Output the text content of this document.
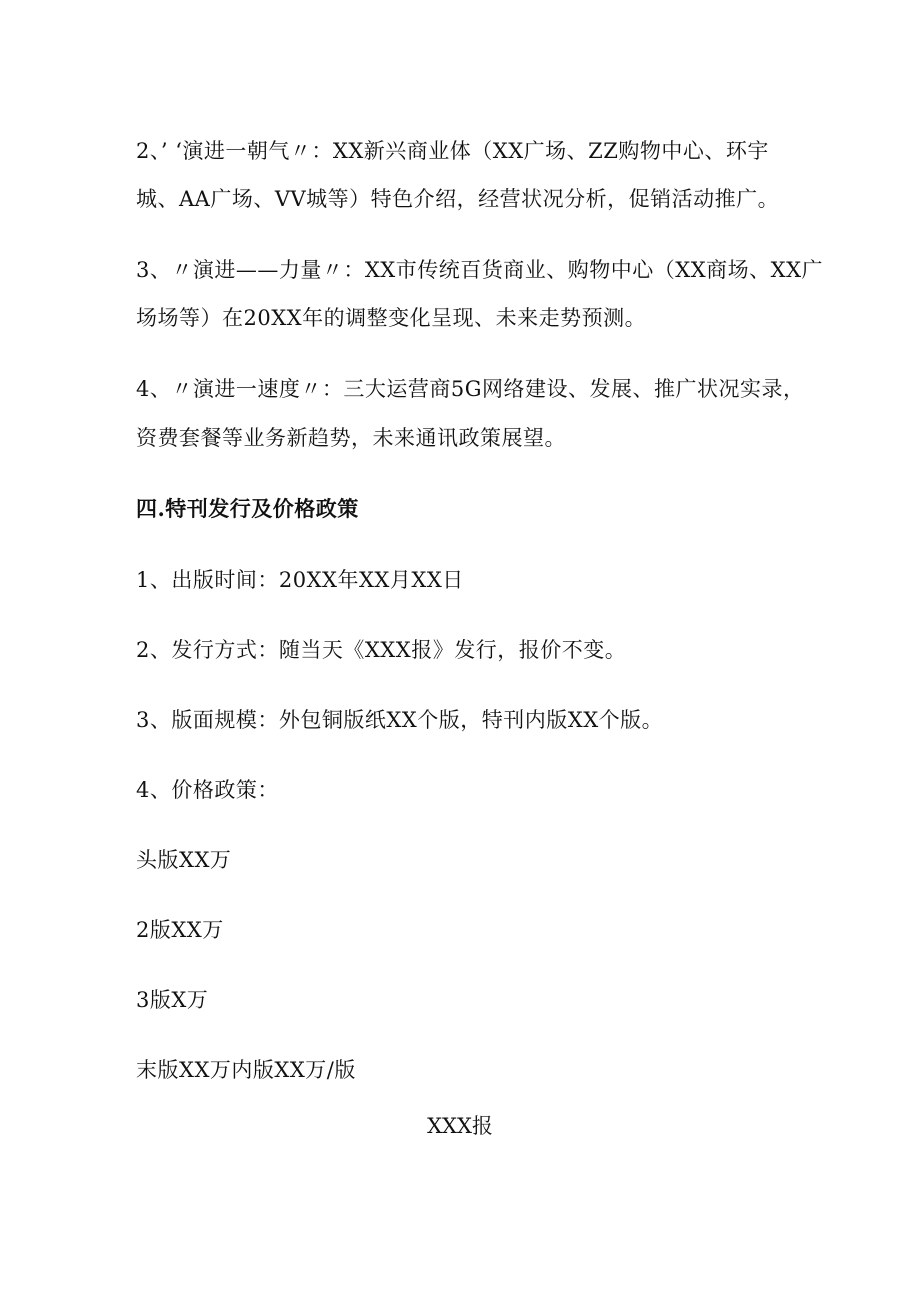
2、’ ‘演进一朝气〃：XX新兴商业体（XX广场、ZZ购物中心、环宇
城、AA广场、VV城等）特色介绍，经营状况分析，促销活动推广。
3、〃演进——力量〃：XX市传统百货商业、购物中心（XX商场、XX广
场场等）在20XX年的调整变化呈现、未来走势预测。
4、〃演进一速度〃：三大运营商5G网络建设、发展、推广状况实录，
资费套餐等业务新趋势，未来通讯政策展望。
四.特刊发行及价格政策
1、出版时间：20XX年XX月XX日
2、发行方式：随当天《XXX报》发行，报价不变。
3、版面规模：外包铜版纸XX个版，特刊内版XX个版。
4、价格政策：
头版XX万
2版XX万
3版X万
末版XX万内版XX万/版
XXX报
